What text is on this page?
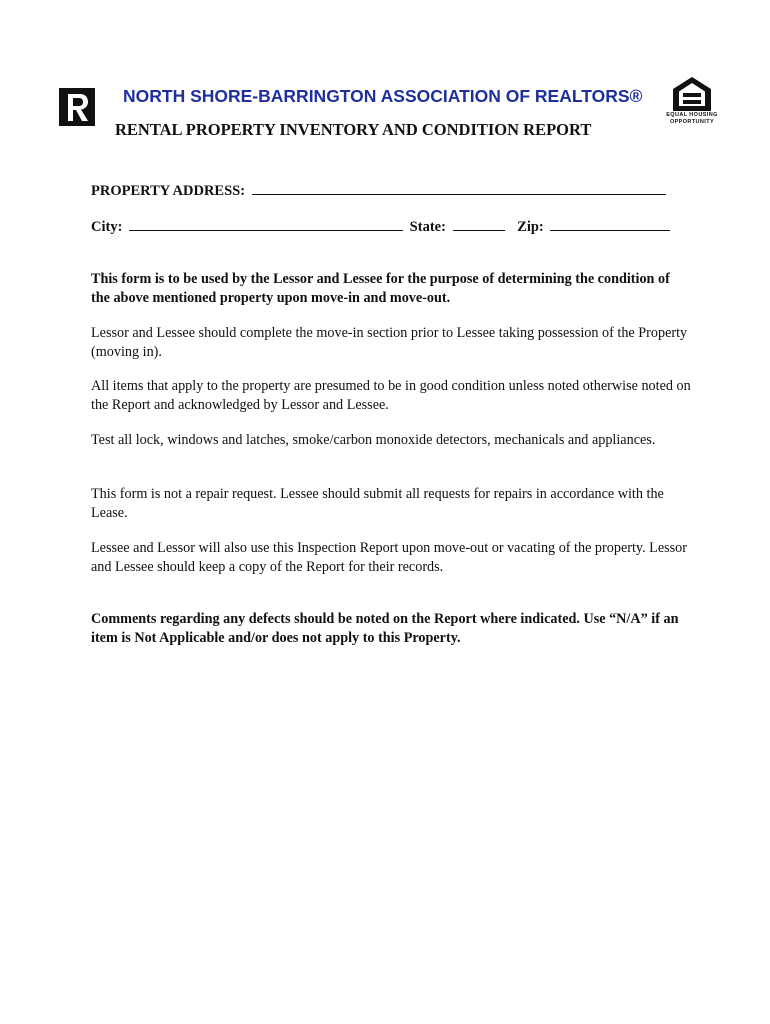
NORTH SHORE-BARRINGTON ASSOCIATION OF REALTORS®
RENTAL PROPERTY INVENTORY AND CONDITION REPORT
EQUAL HOUSING
OPPORTUNITY
PROPERTY ADDRESS:
City:	State:	Zip:
This form is to be used by the Lessor and Lessee for the purpose of determining the condition of the above mentioned property upon move-in and move-out.
Lessor and Lessee should complete the move-in section prior to Lessee taking possession of the Property (moving in).
All items that apply to the property are presumed to be in good condition unless noted otherwise noted on the Report and acknowledged by Lessor and Lessee.
Test all lock, windows and latches, smoke/carbon monoxide detectors, mechanicals and appliances.
This form is not a repair request. Lessee should submit all requests for repairs in accordance with the Lease.
Lessee and Lessor will also use this Inspection Report upon move-out or vacating of the property. Lessor and Lessee should keep a copy of the Report for their records.
Comments regarding any defects should be noted on the Report where indicated. Use “N/A” if an item is Not Applicable and/or does not apply to this Property.
